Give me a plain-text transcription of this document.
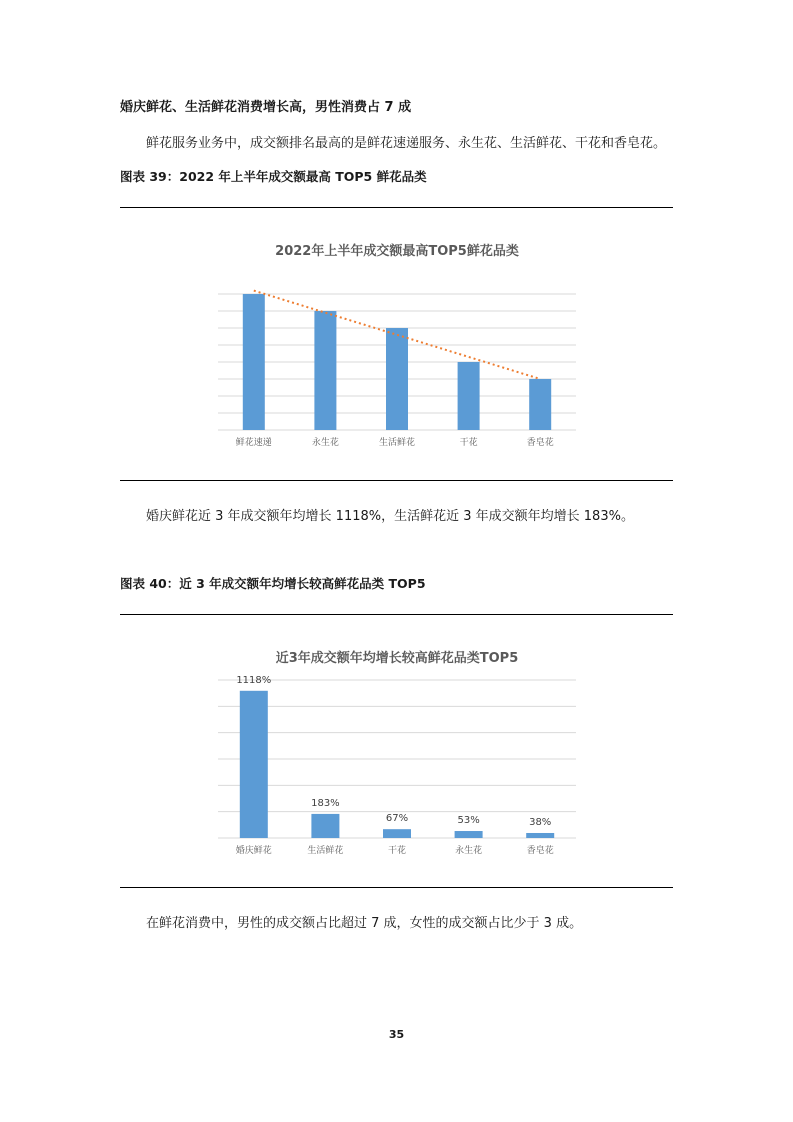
婚庆鲜花、生活鲜花消费增长高，男性消费占 7 成
鲜花服务业务中，成交额排名最高的是鲜花速递服务、永生花、生活鲜花、干花和香皂花。
图表 39：2022 年上半年成交额最高 TOP5 鲜花品类
2022年上半年成交额最高TOP5鲜花品类
鲜花速递	永生花	生活鲜花	干花	香皂花
婚庆鲜花近 3 年成交额年均增长 1118%，生活鲜花近 3 年成交额年均增长 183%。
图表 40：近 3 年成交额年均增长较高鲜花品类 TOP5
近3年成交额年均增长较高鲜花品类TOP5
婚庆鲜花
1118%
生活鲜花
183%
干花
67%
永生花
53%
香皂花
38%
在鲜花消费中，男性的成交额占比超过 7 成，女性的成交额占比少于 3 成。
35
